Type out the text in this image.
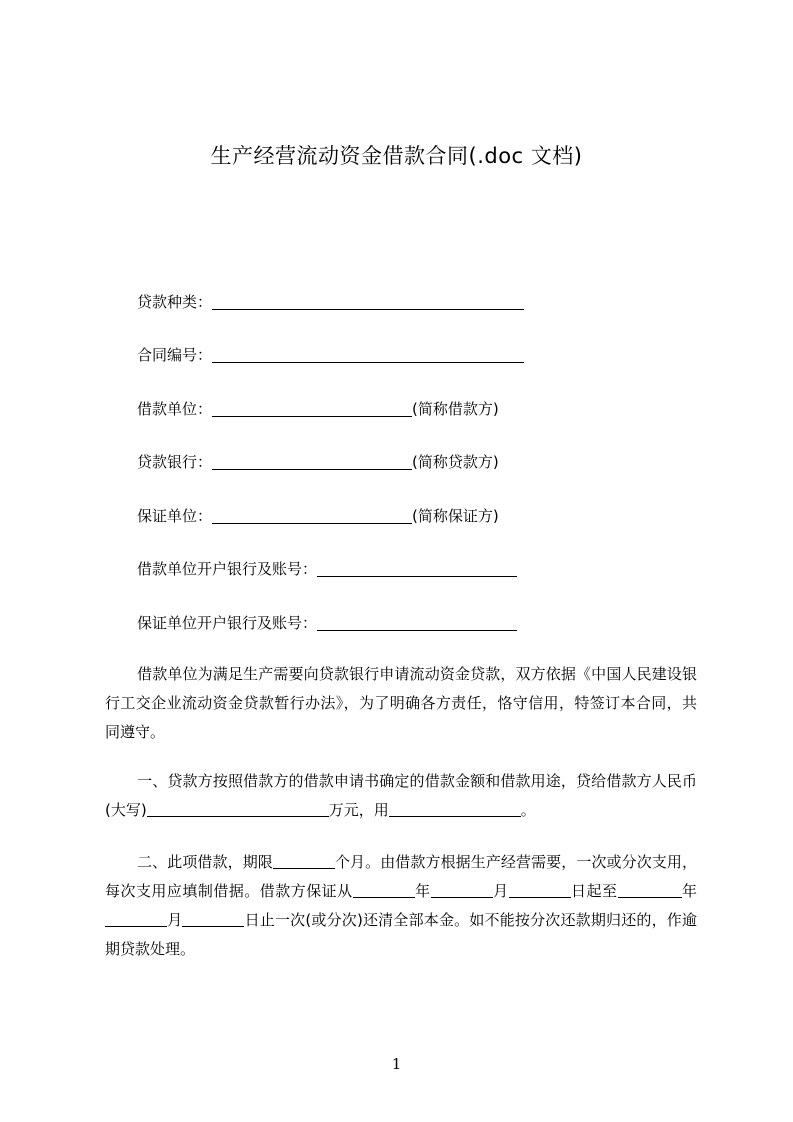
生产经营流动资金借款合同(.doc 文档)
贷款种类：
合同编号：
借款单位：	(简称借款方)
贷款银行：	(简称贷款方)
保证单位：	(简称保证方)
借款单位开户银行及账号：
保证单位开户银行及账号：
借款单位为满足生产需要向贷款银行申请流动资金贷款，双方依据《中国人民建设银行工交企业流动资金贷款暂行办法》，为了明确各方责任，恪守信用，特签订本合同，共同遵守。
一、贷款方按照借款方的借款申请书确定的借款金额和借款用途，贷给借款方人民币(大写)	万元，用	。
二、此项借款，期限	个月。由借款方根据生产经营需要，一次或分次支用，每次支用应填制借据。借款方保证从	年	月	日起至	年月	日止一次(或分次)还清全部本金。如不能按分次还款期归还的，作逾期贷款处理。
1
